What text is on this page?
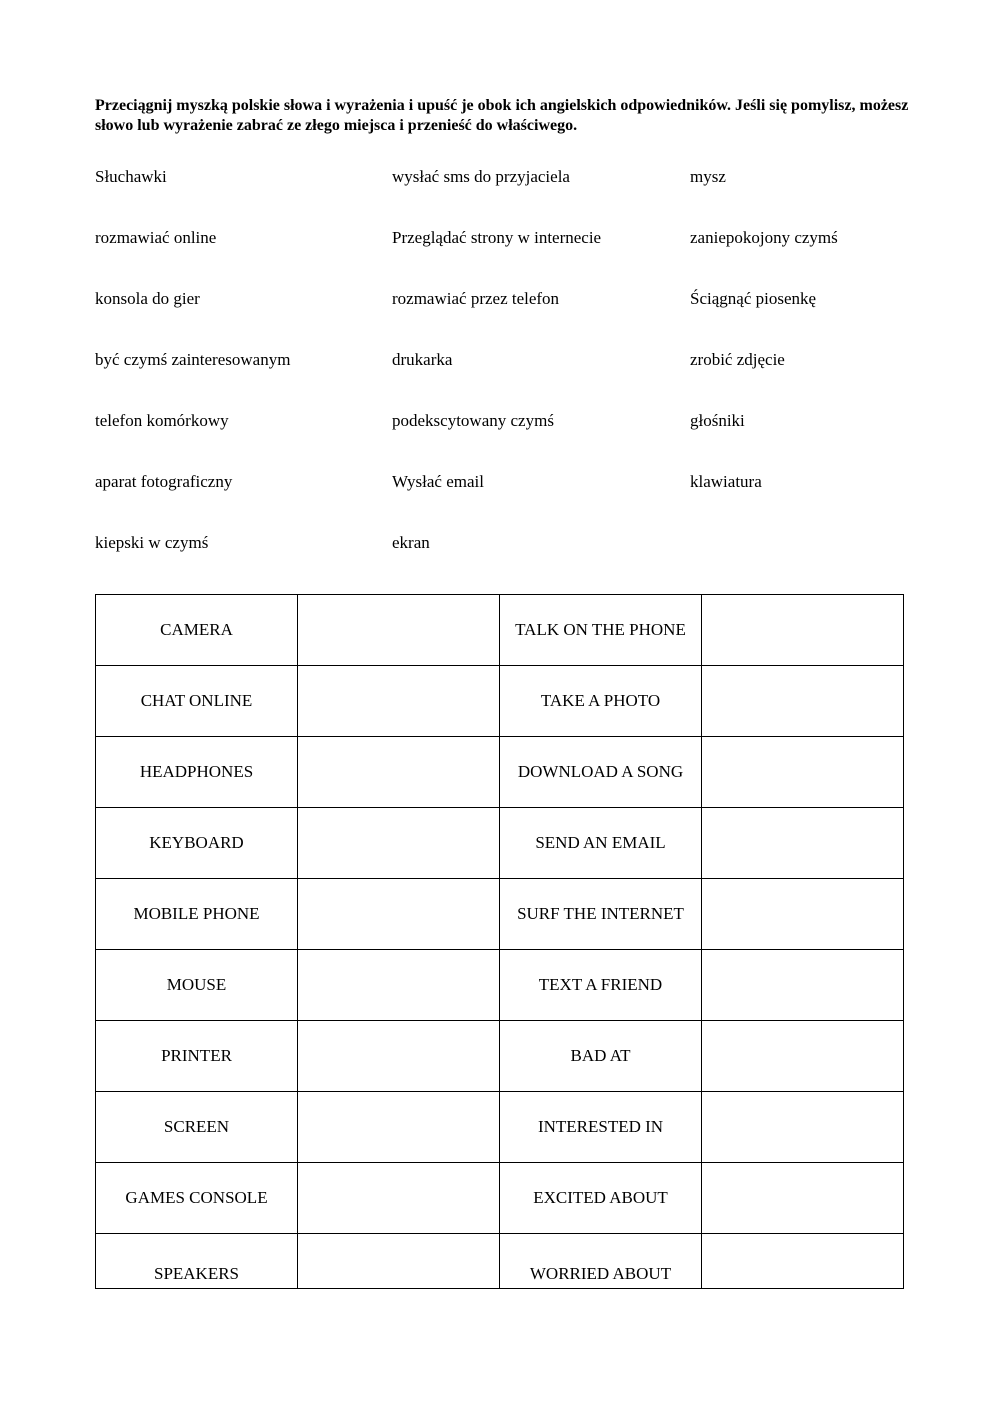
Przeciągnij myszką polskie słowa i wyrażenia i upuść je obok ich angielskich odpowiedników. Jeśli się pomylisz, możesz słowo lub wyrażenie zabrać ze złego miejsca i przenieść do właściwego.

Słuchawki	wysłać sms do przyjaciela	mysz
rozmawiać online	Przeglądać strony w internecie	zaniepokojony czymś
konsola do gier	rozmawiać przez telefon	Ściągnąć piosenkę
być czymś zainteresowanym	drukarka	zrobić zdjęcie
telefon komórkowy	podekscytowany czymś	głośniki
aparat fotograficzny	Wysłać email	klawiatura
kiepski w czymś	ekran
CAMERA		TALK ON THE PHONE	
CHAT ONLINE		TAKE A PHOTO	
HEADPHONES		DOWNLOAD A SONG	
KEYBOARD		SEND AN EMAIL	
MOBILE PHONE		SURF THE INTERNET	
MOUSE		TEXT A FRIEND	
PRINTER		BAD AT	
SCREEN		INTERESTED IN	
GAMES CONSOLE		EXCITED ABOUT	
SPEAKERS		WORRIED ABOUT	
